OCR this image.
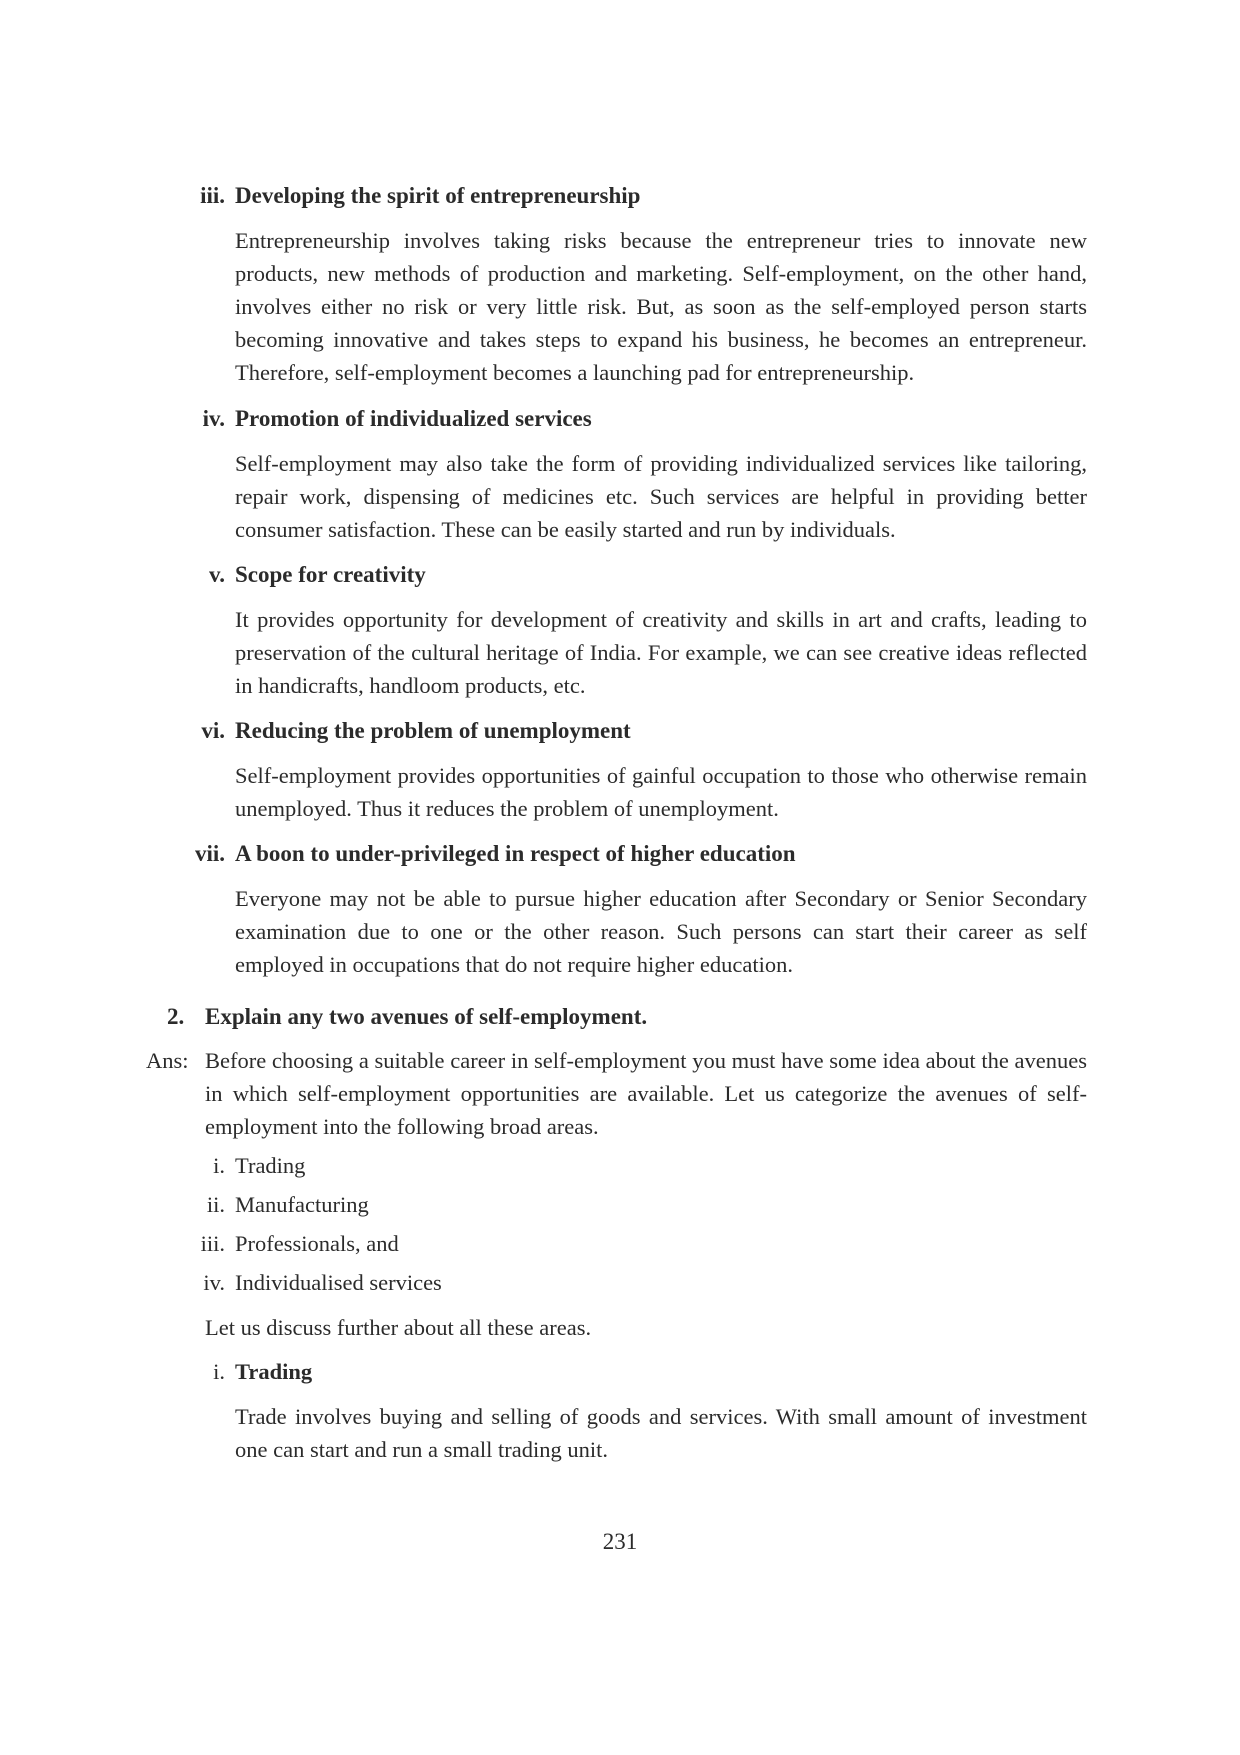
iii. Developing the spirit of entrepreneurship
Entrepreneurship involves taking risks because the entrepreneur tries to innovate new products, new methods of production and marketing. Self-employment, on the other hand, involves either no risk or very little risk. But, as soon as the self-employed person starts becoming innovative and takes steps to expand his business, he becomes an entrepreneur. Therefore, self-employment becomes a launching pad for entrepreneurship.
iv. Promotion of individualized services
Self-employment may also take the form of providing individualized services like tailoring, repair work, dispensing of medicines etc. Such services are helpful in providing better consumer satisfaction. These can be easily started and run by individuals.
v. Scope for creativity
It provides opportunity for development of creativity and skills in art and crafts, leading to preservation of the cultural heritage of India. For example, we can see creative ideas reflected in handicrafts, handloom products, etc.
vi. Reducing the problem of unemployment
Self-employment provides opportunities of gainful occupation to those who otherwise remain unemployed. Thus it reduces the problem of unemployment.
vii. A boon to under-privileged in respect of higher education
Everyone may not be able to pursue higher education after Secondary or Senior Secondary examination due to one or the other reason. Such persons can start their career as self employed in occupations that do not require higher education.
2. Explain any two avenues of self-employment.
Ans: Before choosing a suitable career in self-employment you must have some idea about the avenues in which self-employment opportunities are available. Let us categorize the avenues of self-employment into the following broad areas.
i. Trading
ii. Manufacturing
iii. Professionals, and
iv. Individualised services
Let us discuss further about all these areas.
i. Trading
Trade involves buying and selling of goods and services. With small amount of investment one can start and run a small trading unit.
231
